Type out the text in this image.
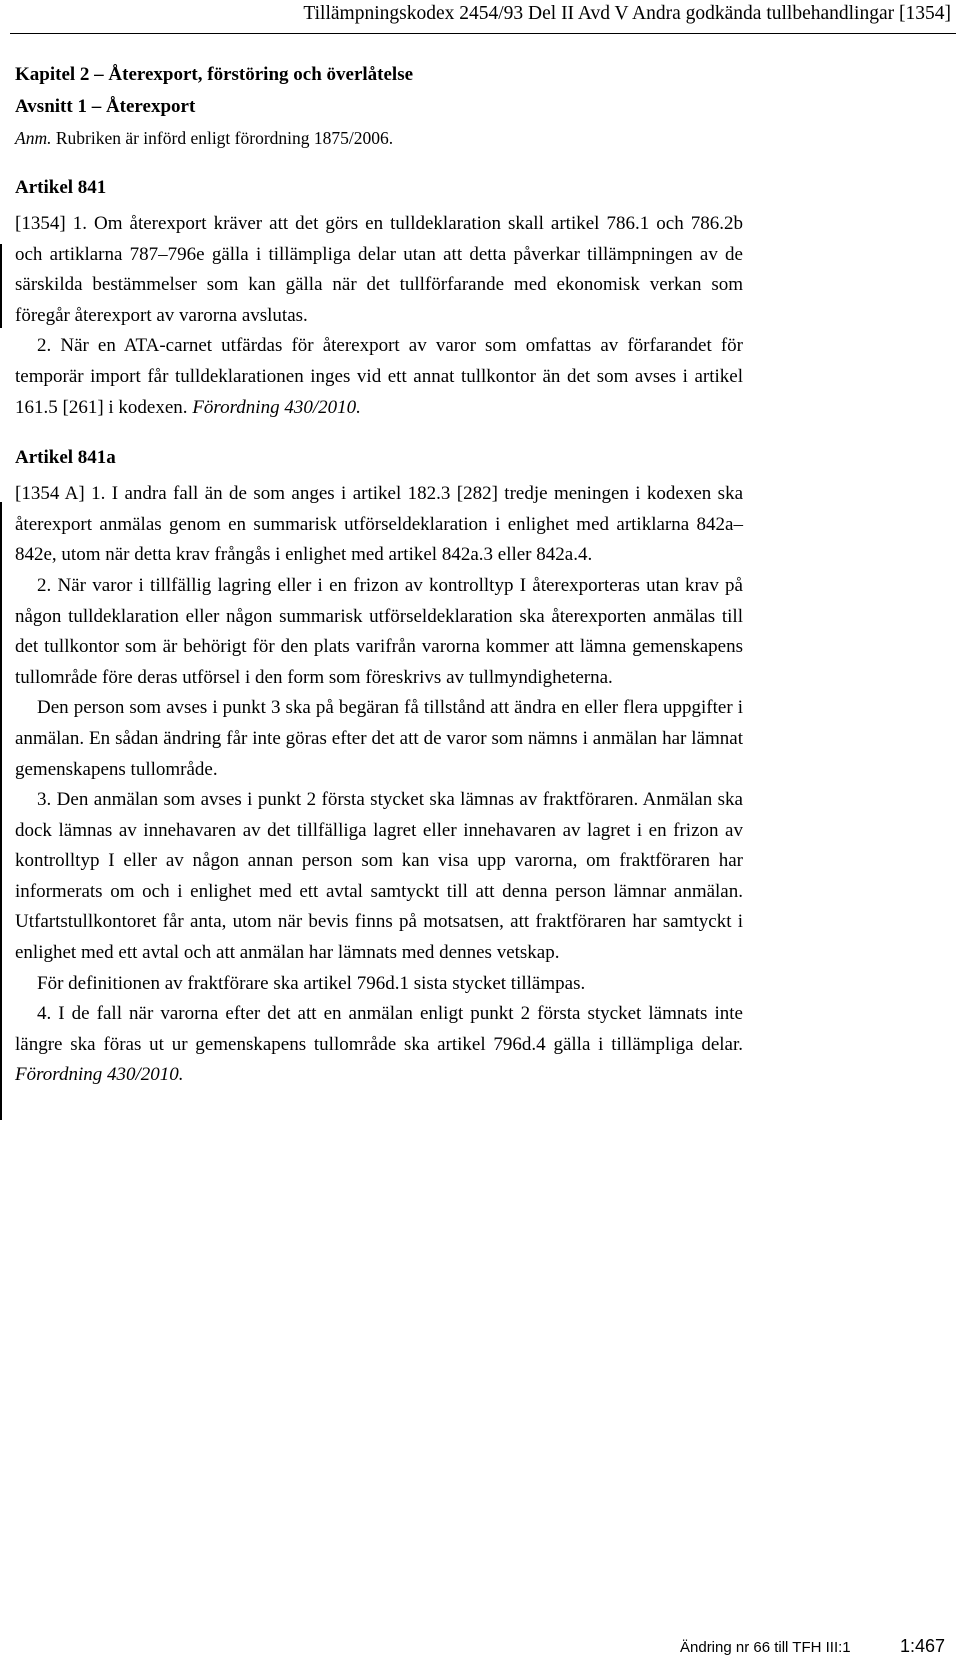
Tillämpningskodex 2454/93 Del II Avd V Andra godkända tullbehandlingar [1354]
Kapitel 2 – Återexport, förstöring och överlåtelse
Avsnitt 1 – Återexport

Anm. Rubriken är införd enligt förordning 1875/2006.

Artikel 841

[1354] 1. Om återexport kräver att det görs en tulldeklaration skall artikel 786.1 och 786.2b och artiklarna 787–796e gälla i tillämpliga delar utan att detta påverkar tillämpningen av de särskilda bestämmelser som kan gälla när det tullförfarande med ekonomisk verkan som föregår återexport av varorna avslutas.

2. När en ATA-carnet utfärdas för återexport av varor som omfattas av förfarandet för temporär import får tulldeklarationen inges vid ett annat tullkontor än det som avses i artikel 161.5 [261] i kodexen. Förordning 430/2010.

Artikel 841a

[1354 A] 1. I andra fall än de som anges i artikel 182.3 [282] tredje meningen i kodexen ska återexport anmälas genom en summarisk utförseldeklaration i enlighet med artiklarna 842a–842e, utom när detta krav frångås i enlighet med artikel 842a.3 eller 842a.4.

2. När varor i tillfällig lagring eller i en frizon av kontrolltyp I återexporteras utan krav på någon tulldeklaration eller någon summarisk utförseldeklaration ska återexporten anmälas till det tullkontor som är behörigt för den plats varifrån varorna kommer att lämna gemenskapens tullområde före deras utförsel i den form som föreskrivs av tullmyndigheterna.

Den person som avses i punkt 3 ska på begäran få tillstånd att ändra en eller flera uppgifter i anmälan. En sådan ändring får inte göras efter det att de varor som nämns i anmälan har lämnat gemenskapens tullområde.

3. Den anmälan som avses i punkt 2 första stycket ska lämnas av fraktföraren. Anmälan ska dock lämnas av innehavaren av det tillfälliga lagret eller innehavaren av lagret i en frizon av kontrolltyp I eller av någon annan person som kan visa upp varorna, om fraktföraren har informerats om och i enlighet med ett avtal samtyckt till att denna person lämnar anmälan. Utfartstullkontoret får anta, utom när bevis finns på motsatsen, att fraktföraren har samtyckt i enlighet med ett avtal och att anmälan har lämnats med dennes vetskap.

För definitionen av fraktförare ska artikel 796d.1 sista stycket tillämpas.

4. I de fall när varorna efter det att en anmälan enligt punkt 2 första stycket lämnats inte längre ska föras ut ur gemenskapens tullområde ska artikel 796d.4 gälla i tillämpliga delar. Förordning 430/2010.

Ändring nr 66 till TFH III:1	1:467
